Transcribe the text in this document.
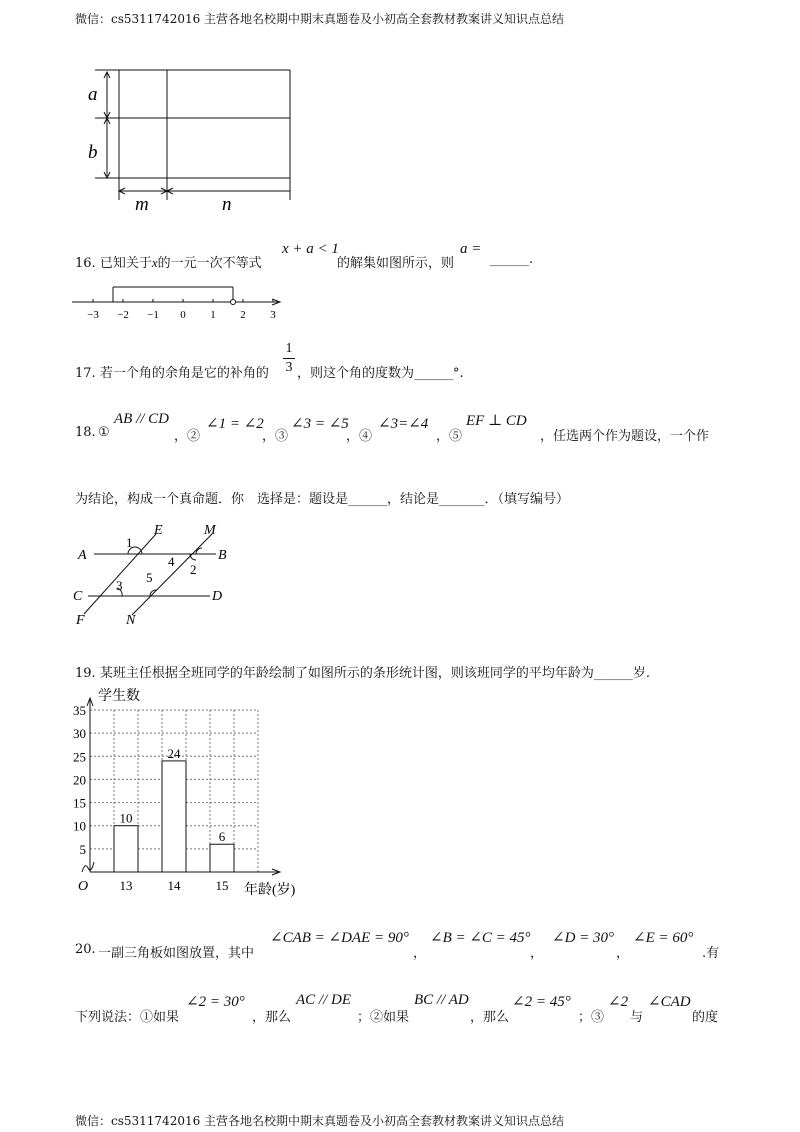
微信：cs5311742016 主营各地名校期中期末真题卷及小初高全套教材教案讲义知识点总结
a
b
m	n
16. 已知关于x的一元一次不等式
x + a < 1
的解集如图所示，则
a =
______.
−3 −2 −1 0 1 2 3
17. 若一个角的余角是它的补角的 $\frac{1}{3}$ ，则这个角的度数为______°.
18. ①
AB // CD
，②
∠1 = ∠2
，③
∠3 = ∠5
，④
∠3=∠4
，⑤
EF ⊥ CD
，任选两个作为题设，一个作
为结论，构成一个真命题．你　选择是：题设是______，结论是_______．（填写编号）
E	M
A	B
C	D
F	N
1
2
4
3
5
19. 某班主任根据全班同学的年龄绘制了如图所示的条形统计图，则该班同学的平均年龄为______岁.
学生数
O	年龄(岁)
10
24
6
5
10
15
20
25
30
35
13	14	15
20. 一副三角板如图放置，其中
∠CAB = ∠DAE = 90°
，
∠B = ∠C = 45°
，
∠D = 30°
，
∠E = 60°
.有
下列说法：①如果
∠2 = 30°
，那么
AC // DE
；②如果
BC // AD
，那么
∠2 = 45°
；③
∠2
与
∠CAD
的度
微信：cs5311742016 主营各地名校期中期末真题卷及小初高全套教材教案讲义知识点总结
